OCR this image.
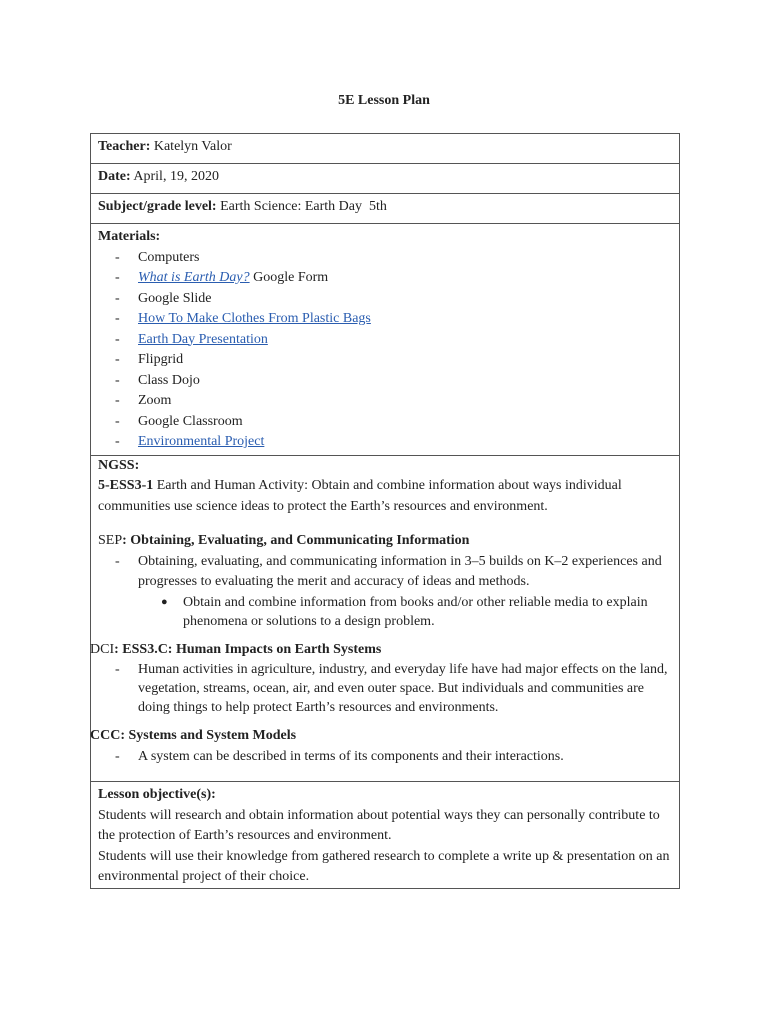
5E Lesson Plan
Teacher: Katelyn Valor
Date: April, 19, 2020
Subject/grade level: Earth Science: Earth Day  5th

Materials:
- Computers
- What is Earth Day? Google Form
- Google Slide
- How To Make Clothes From Plastic Bags
- Earth Day Presentation
- Flipgrid
- Class Dojo
- Zoom
- Google Classroom
- Environmental Project

NGSS:
5-ESS3-1 Earth and Human Activity: Obtain and combine information about ways individual communities use science ideas to protect the Earth’s resources and environment.
SEP: Obtaining, Evaluating, and Communicating Information
- Obtaining, evaluating, and communicating information in 3–5 builds on K–2 experiences and progresses to evaluating the merit and accuracy of ideas and methods.
● Obtain and combine information from books and/or other reliable media to explain phenomena or solutions to a design problem.
DCI: ESS3.C: Human Impacts on Earth Systems
- Human activities in agriculture, industry, and everyday life have had major effects on the land, vegetation, streams, ocean, air, and even outer space. But individuals and communities are doing things to help protect Earth’s resources and environments.
CCC: Systems and System Models
- A system can be described in terms of its components and their interactions.

Lesson objective(s):
Students will research and obtain information about potential ways they can personally contribute to the protection of Earth’s resources and environment.
Students will use their knowledge from gathered research to complete a write up & presentation on an environmental project of their choice.
